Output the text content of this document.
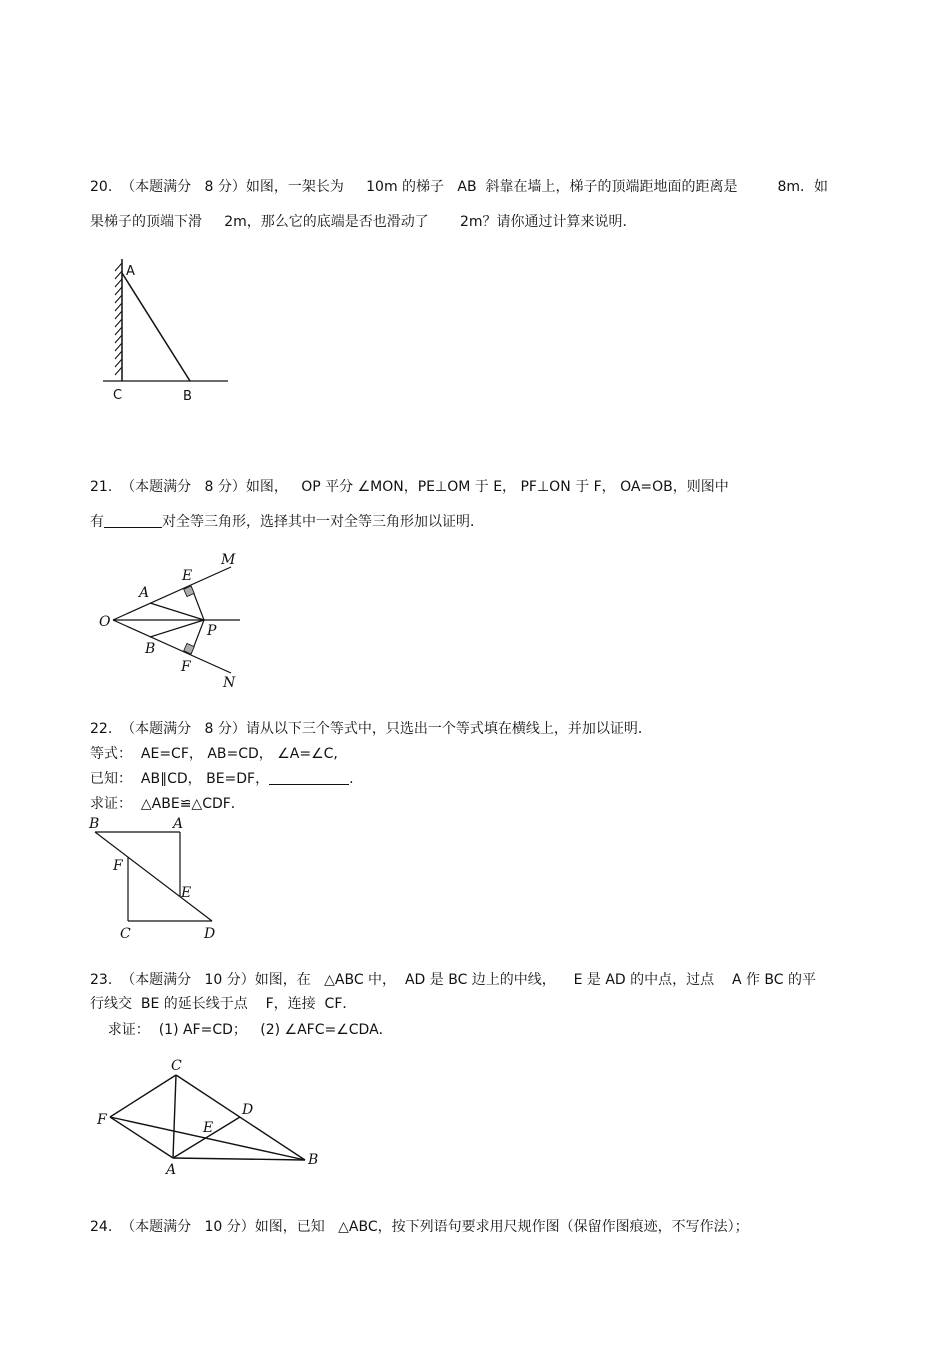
20.  （本题满分   8 分）如图，一架长为     10m 的梯子   AB  斜靠在墙上，梯子的顶端距地面的距离是         8m．如
果梯子的顶端下滑     2m，那么它的底端是否也滑动了       2m？请你通过计算来说明．
A
C	B
21.  （本题满分   8 分）如图，   OP 平分 ∠MON，PE⊥OM 于 E， PF⊥ON 于 F， OA=OB，则图中
有	对全等三角形，选择其中一对全等三角形加以证明．
O
A
E
M
P
B
F
N
22.  （本题满分   8 分）请从以下三个等式中，只选出一个等式填在横线上，并加以证明．
等式：  AE=CF， AB=CD， ∠A=∠C,
已知：  AB∥CD， BE=DF，	.
求证：  △ABE≌△CDF．
B	A
F
E
C	D
23.  （本题满分   10 分）如图，在   △ABC 中，  AD 是 BC 边上的中线，    E 是 AD 的中点，过点    A 作 BC 的平
行线交  BE 的延长线于点    F，连接  CF．
求证：  (1) AF=CD；   (2) ∠AFC=∠CDA．
C
D
F	E
A
B
24.  （本题满分   10 分）如图，已知   △ABC，按下列语句要求用尺规作图（保留作图痕迹，不写作法）；
